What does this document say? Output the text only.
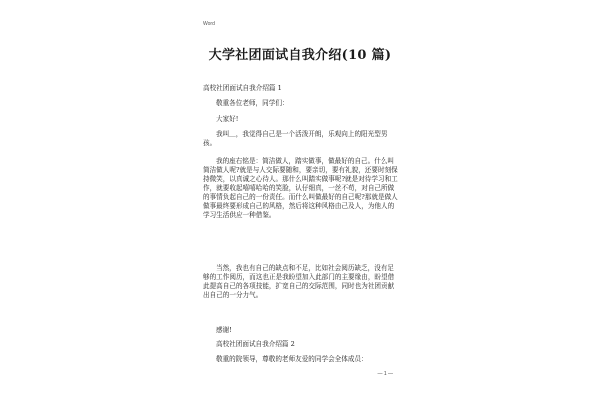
Word
大学社团面试自我介绍(10 篇)
高校社团面试自我介绍篇 1
敬重各位老师，同学们：
大家好!
我叫＿，我觉得自己是一个活泼开朗，乐观向上的阳光型男孩。
我的座右铭是：简洁做人，踏实做事，做最好的自己。什么叫简洁做人呢?就是与人交际要随和，要亲切，要有礼貌，还要时刻保持微笑，以真诚之心待人。那什么叫踏实做事呢?就是对待学习和工作，就要收起嘻嘻哈哈的笑脸，认仔细真，一丝不苟，对自己所做的事情负起自己的一份责任。而什么叫做最好的自己呢?那就是做人做事最终要形成自己的风格，然后将这种风格由己及人，为他人的学习生活供应一种借鉴。
当然，我也有自己的缺点和不足，比如社会阅历缺乏，没有足够的工作阅历，而这也正是我盼望加入此部门的主要缘由，盼望借此提高自己的各项技能，扩宽自己的交际范围，同时也为社团贡献出自己的一分力气。
感谢!
高校社团面试自我介绍篇 2
敬重的院领导，尊敬的老师友爱的同学会全体成员：
— 1 —
